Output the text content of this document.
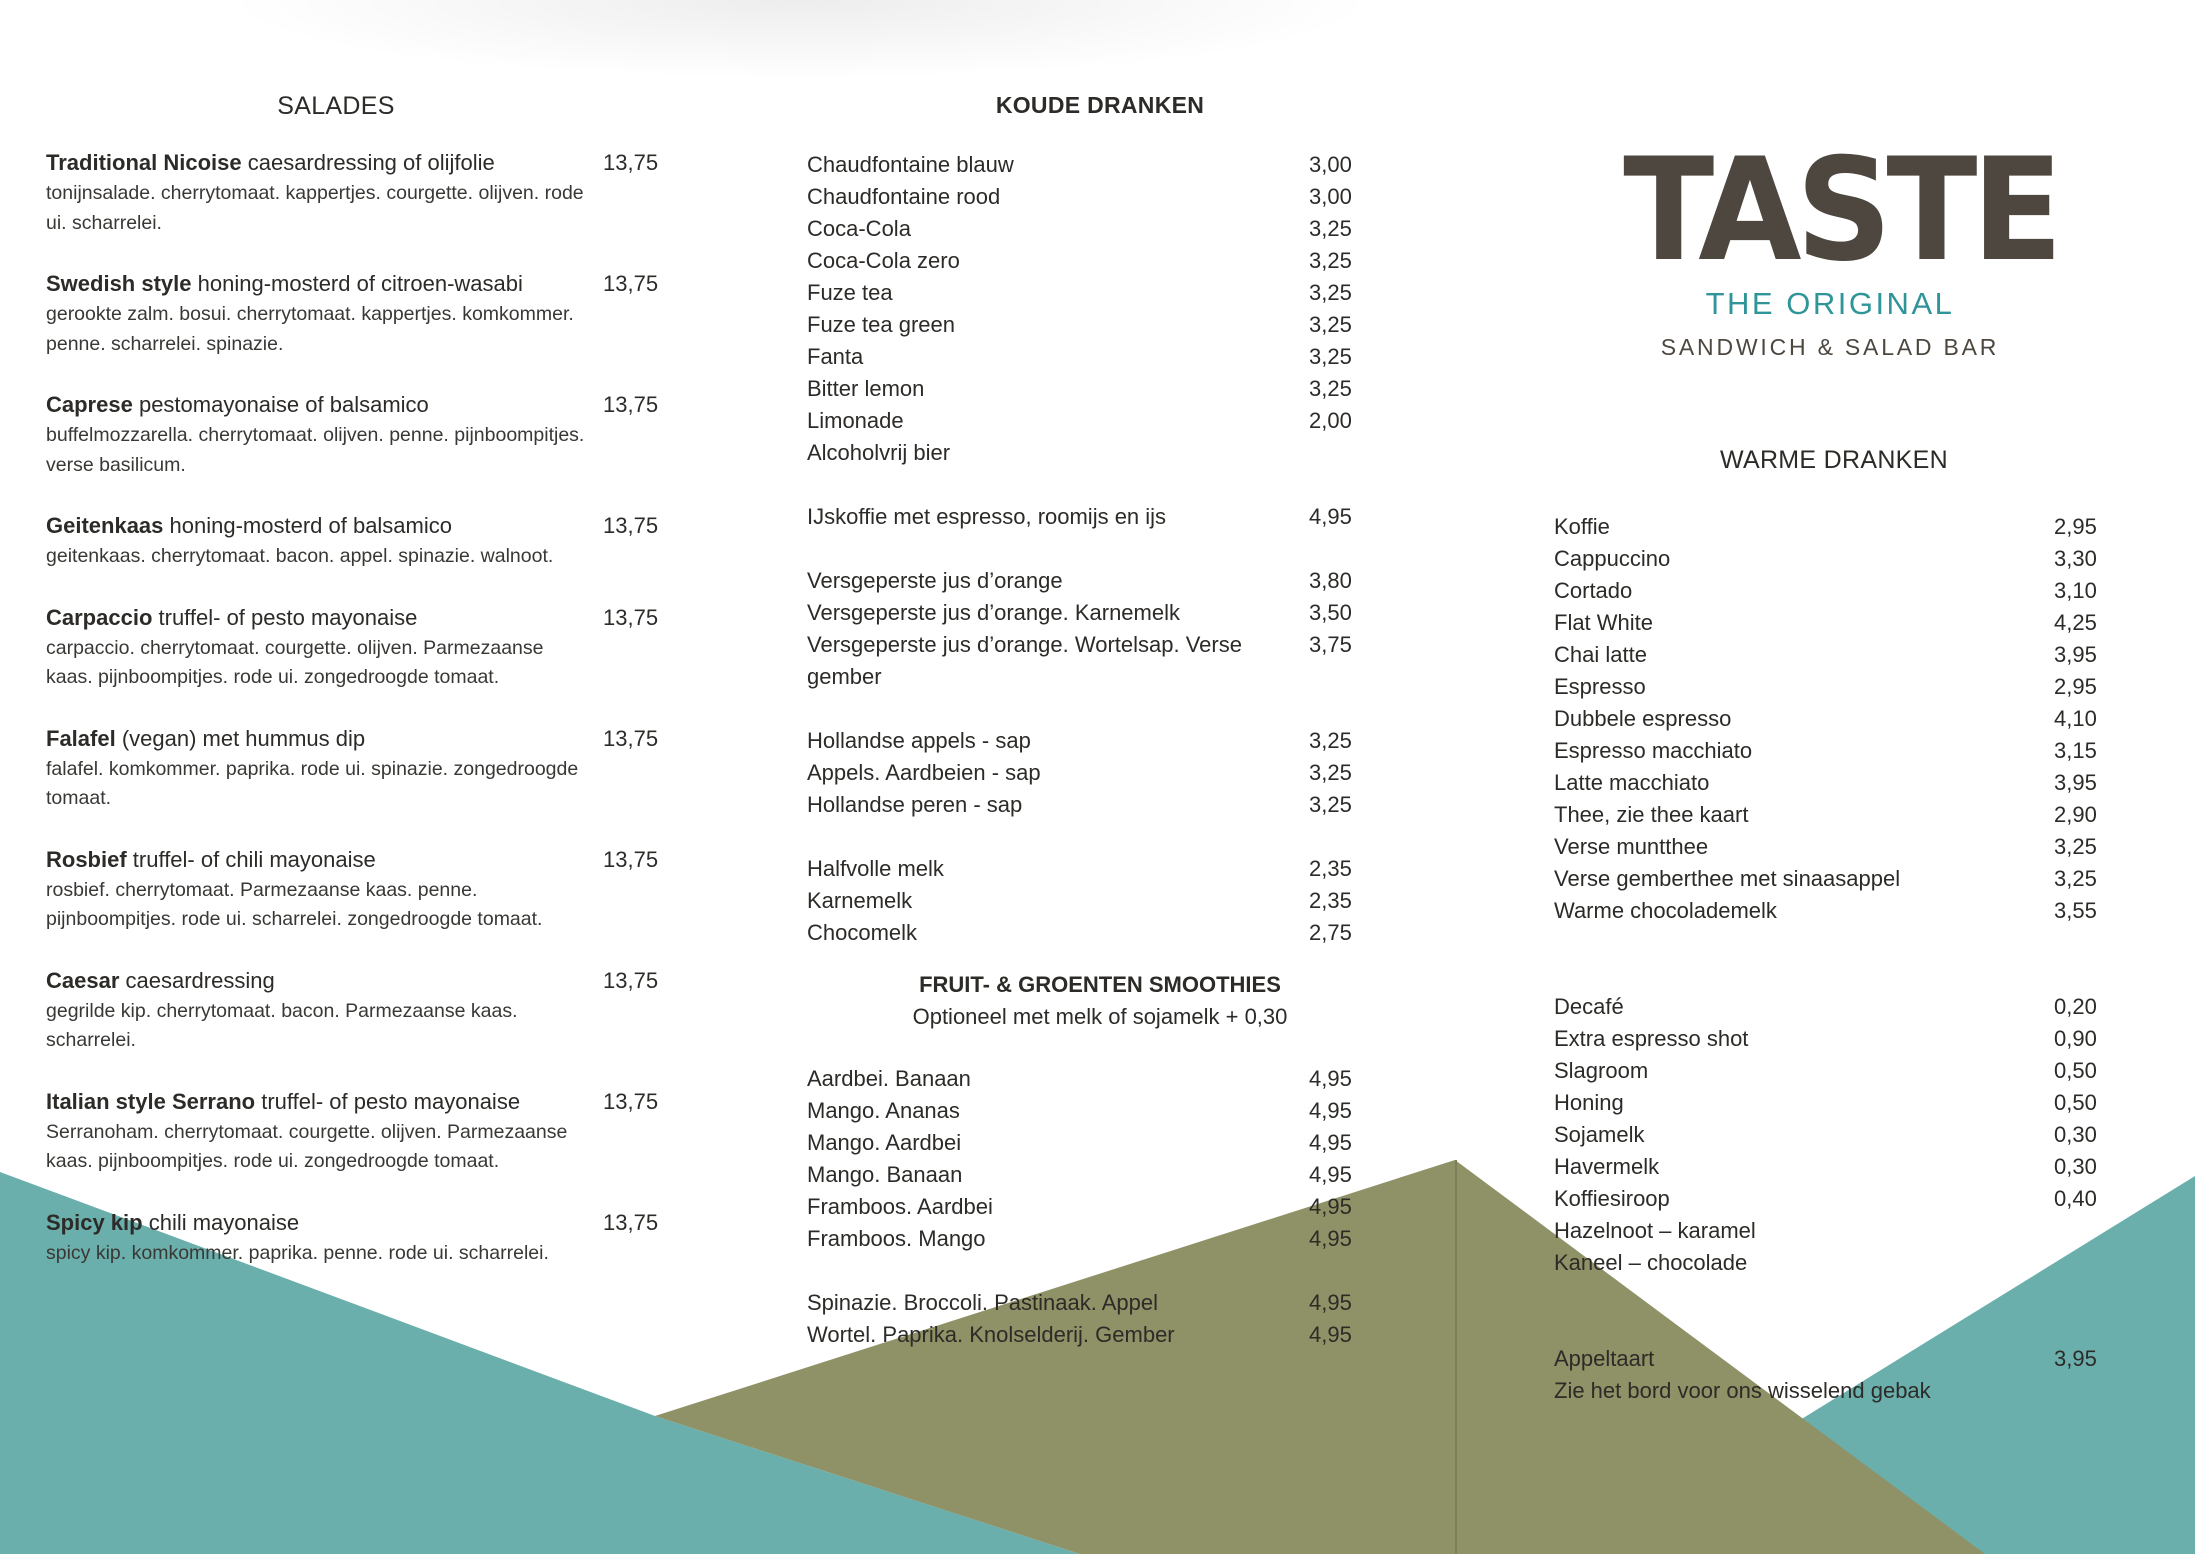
SALADES
Traditional Nicoise caesardressing of olijfolie
tonijnsalade. cherrytomaat. kappertjes. courgette. olijven. rode ui. scharrelei.
13,75
Swedish style honing-mosterd of citroen-wasabi
gerookte zalm. bosui. cherrytomaat. kappertjes. komkommer. penne. scharrelei. spinazie.
13,75
Caprese pestomayonaise of balsamico
buffelmozzarella. cherrytomaat. olijven. penne. pijnboompitjes. verse basilicum.
13,75
Geitenkaas honing-mosterd of balsamico
geitenkaas. cherrytomaat. bacon. appel. spinazie. walnoot.
13,75
Carpaccio truffel- of pesto mayonaise
carpaccio. cherrytomaat. courgette. olijven. Parmezaanse kaas. pijnboompitjes. rode ui. zongedroogde tomaat.
13,75
Falafel (vegan) met hummus dip
falafel. komkommer. paprika. rode ui. spinazie. zongedroogde tomaat.
13,75
Rosbief truffel- of chili mayonaise
rosbief. cherrytomaat. Parmezaanse kaas. penne. pijnboompitjes. rode ui. scharrelei. zongedroogde tomaat.
13,75
Caesar caesardressing
gegrilde kip. cherrytomaat. bacon. Parmezaanse kaas. scharrelei.
13,75
Italian style Serrano truffel- of pesto mayonaise
Serranoham. cherrytomaat. courgette. olijven. Parmezaanse kaas. pijnboompitjes. rode ui. zongedroogde tomaat.
13,75
Spicy kip chili mayonaise
spicy kip. komkommer. paprika. penne. rode ui. scharrelei.
13,75
KOUDE DRANKEN
Chaudfontaine blauw	3,00
Chaudfontaine rood	3,00
Coca-Cola	3,25
Coca-Cola zero	3,25
Fuze tea	3,25
Fuze tea green	3,25
Fanta	3,25
Bitter lemon	3,25
Limonade	2,00
Alcoholvrij bier
IJskoffie met espresso, roomijs en ijs	4,95
Versgeperste jus d’orange	3,80
Versgeperste jus d’orange. Karnemelk	3,50
Versgeperste jus d’orange. Wortelsap. Verse gember
3,75
Hollandse appels - sap	3,25
Appels. Aardbeien - sap	3,25
Hollandse peren - sap	3,25
Halfvolle melk	2,35
Karnemelk	2,35
Chocomelk	2,75
FRUIT- & GROENTEN SMOOTHIES
Optioneel met melk of sojamelk + 0,30
Aardbei. Banaan	4,95
Mango. Ananas	4,95
Mango. Aardbei	4,95
Mango. Banaan	4,95
Framboos. Aardbei	4,95
Framboos. Mango	4,95
Spinazie. Broccoli. Pastinaak. Appel	4,95
Wortel. Paprika. Knolselderij. Gember	4,95
TASTE
THE ORIGINAL
SANDWICH & SALAD BAR
WARME DRANKEN
Koffie	2,95
Cappuccino	3,30
Cortado	3,10
Flat White	4,25
Chai latte	3,95
Espresso	2,95
Dubbele espresso	4,10
Espresso macchiato	3,15
Latte macchiato	3,95
Thee, zie thee kaart	2,90
Verse muntthee	3,25
Verse gemberthee met sinaasappel	3,25
Warme chocolademelk	3,55
Decafé	0,20
Extra espresso shot	0,90
Slagroom	0,50
Honing	0,50
Sojamelk	0,30
Havermelk	0,30
Koffiesiroop	0,40
Hazelnoot – karamel
Kaneel – chocolade
Appeltaart	3,95
Zie het bord voor ons wisselend gebak
